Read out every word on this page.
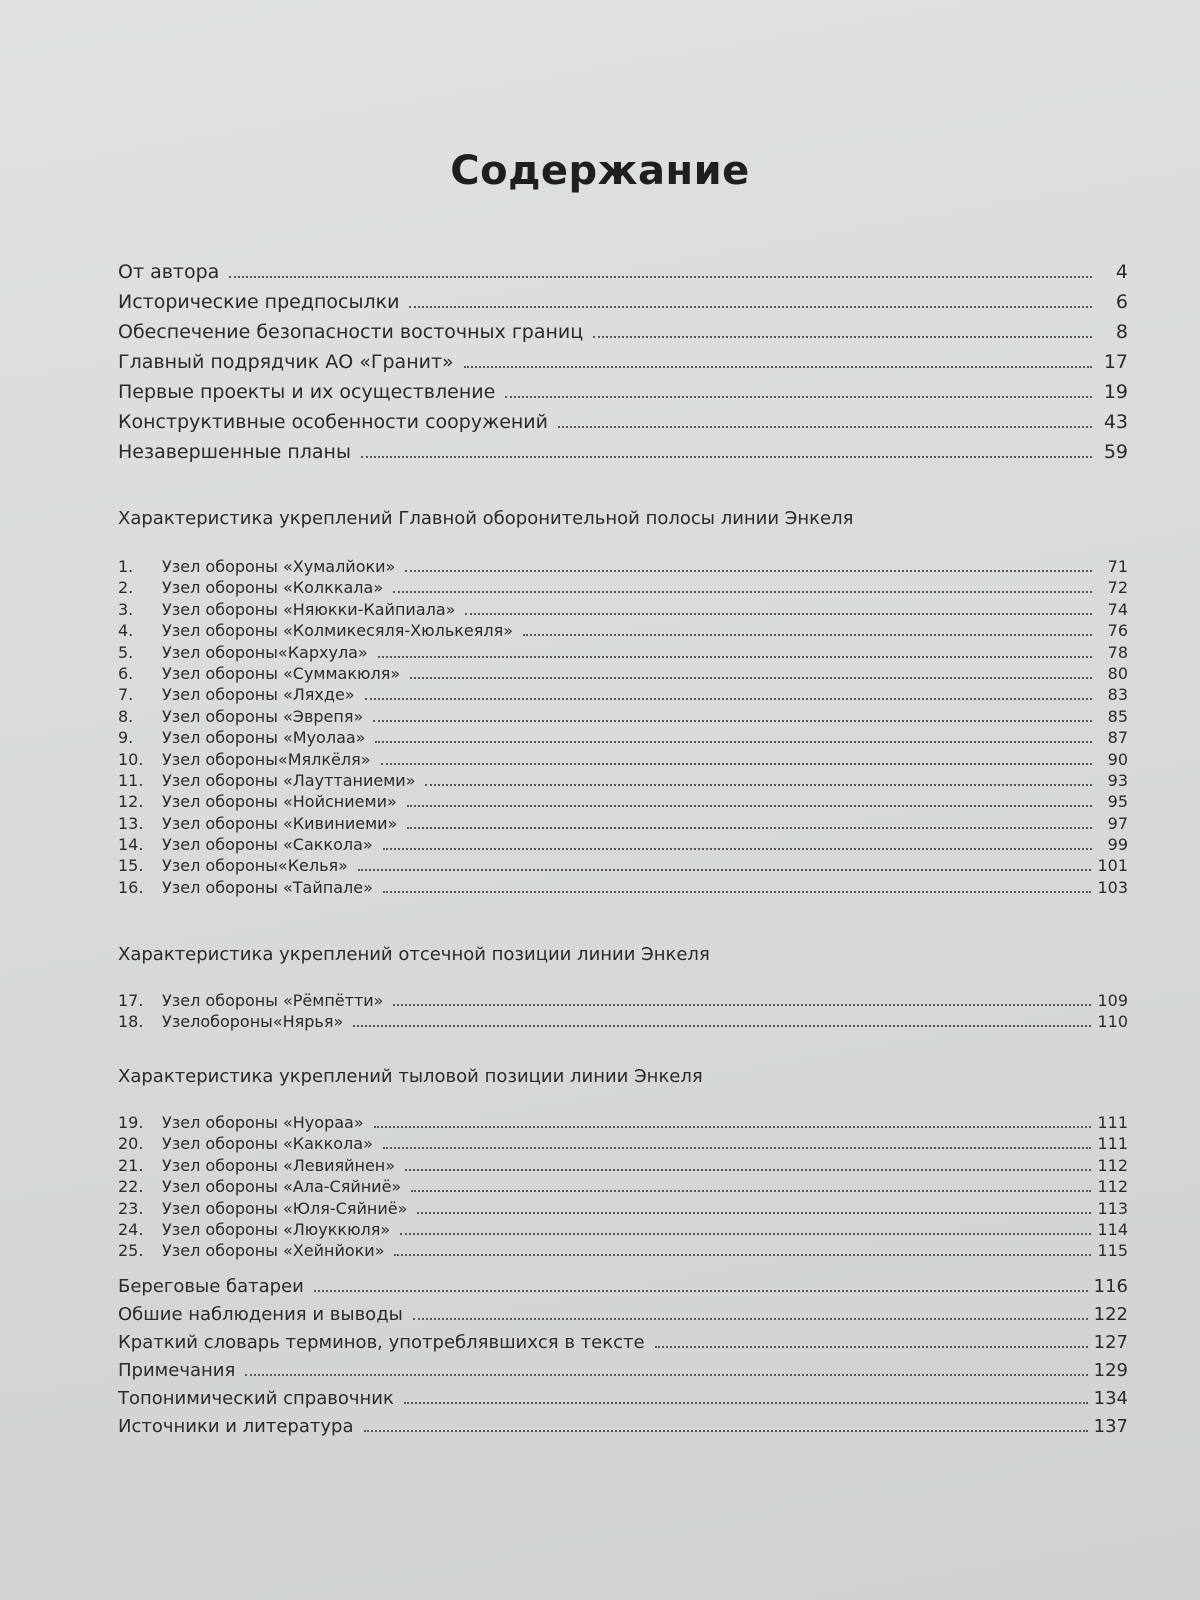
Содержание
От автора	4
Исторические предпосылки	6
Обеспечение безопасности восточных границ	8
Главный подрядчик АО «Гранит»	17
Первые проекты и их осуществление	19
Конструктивные особенности сооружений	43
Незавершенные планы	59
Характеристика укреплений Главной оборонительной полосы линии Энкеля
1.	Узел обороны «Хумалйоки»	71
2.	Узел обороны «Колккала»	72
3.	Узел обороны «Няюкки-Кайпиала»	74
4.	Узел обороны «Колмикесяля-Хюлькеяля»	76
5.	Узел обороны«Кархула»	78
6.	Узел обороны «Суммакюля»	80
7.	Узел обороны «Ляхде»	83
8.	Узел обороны «Эврепя»	85
9.	Узел обороны «Муолаа»	87
10.	Узел обороны«Мялкёля»	90
11.	Узел обороны «Лауттаниеми»	93
12.	Узел обороны «Нойсниеми»	95
13.	Узел обороны «Кивиниеми»	97
14.	Узел обороны «Саккола»	99
15.	Узел обороны«Келья»	101
16.	Узел обороны «Тайпале»	103
Характеристика укреплений отсечной позиции линии Энкеля
17.	Узел обороны «Рёмпётти»	109
18.	Узелобороны«Нярья»	110
Характеристика укреплений тыловой позиции линии Энкеля
19.	Узел обороны «Нуораа»	111
20.	Узел обороны «Каккола»	111
21.	Узел обороны «Левияйнен»	112
22.	Узел обороны «Ала-Сяйниё»	112
23.	Узел обороны «Юля-Сяйниё»	113
24.	Узел обороны «Люуккюля»	114
25.	Узел обороны «Хейнйоки»	115
Береговые батареи	116
Обшие наблюдения и выводы	122
Краткий словарь терминов, употреблявшихся в тексте	127
Примечания	129
Топонимический справочник	134
Источники и литература	137
